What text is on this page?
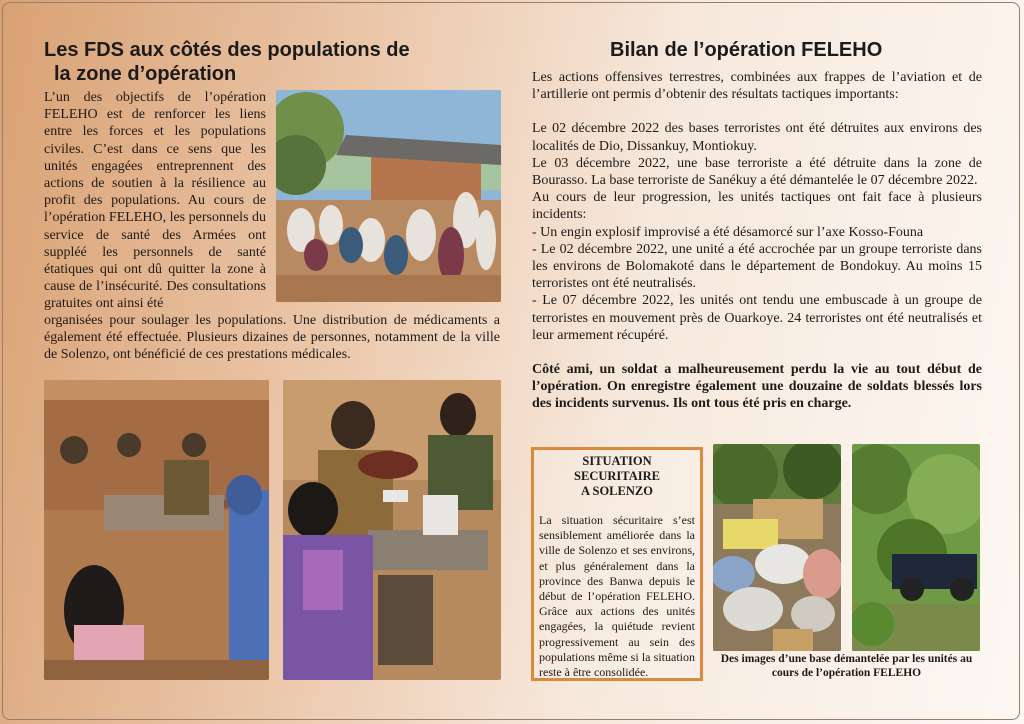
Les FDS aux côtés des populations de
la zone d’opération

L’un des objectifs de l’opération FELEHO est de renforcer les liens entre les forces et les populations civiles. C’est dans ce sens que les unités engagées entreprennent des actions de soutien à la résilience au profit des populations. Au cours de l’opération FELEHO, les personnels du service de santé des Armées ont suppléé les personnels de santé étatiques qui ont dû quitter la zone à cause de l’insécurité. Des consultations gratuites ont ainsi été

organisées pour soulager les populations. Une distribution de médicaments a également été effectuée. Plusieurs dizaines de personnes, notamment de la ville de Solenzo, ont bénéficié de ces prestations médicales.

Bilan de l’opération FELEHO

Les actions offensives terrestres, combinées aux frappes de l’aviation et de l’artillerie ont permis d’obtenir des résultats tactiques importants:

Le 02 décembre 2022 des bases terroristes ont été détruites aux environs des localités de Dio, Dissankuy, Montiokuy.

Le 03 décembre 2022, une base terroriste a été détruite dans la zone de Bourasso. La base terroriste de Sanékuy a été démantelée le 07 décembre 2022.

Au cours de leur progression, les unités tactiques ont fait face à plusieurs incidents:

- Un engin explosif improvisé a été désamorcé sur l’axe Kosso-Founa

- Le 02 décembre 2022, une unité a été accrochée par un groupe terroriste dans les environs de Bolomakoté dans le département de Bondokuy. Au moins 15 terroristes ont été neutralisés.

- Le 07 décembre 2022, les unités ont tendu une embuscade à un groupe de terroristes en mouvement près de Ouarkoye. 24 terroristes ont été neutralisés et leur armement récupéré.

Côté ami, un soldat a malheureusement perdu la vie au tout début de l’opération. On enregistre également une douzaine de soldats blessés lors des incidents survenus. Ils ont tous été pris en charge.

SITUATION SECURITAIRE
A SOLENZO

La situation sécuritaire s’est sensiblement améliorée dans la ville de Solenzo et ses environs, et plus généralement dans la province des Banwa depuis le début de l’opération FELEHO. Grâce aux actions des unités engagées, la quiétude revient progressivement au sein des populations même si la situation reste à être consolidée.

Des images d’une base démantelée par les unités au cours de l’opération FELEHO
